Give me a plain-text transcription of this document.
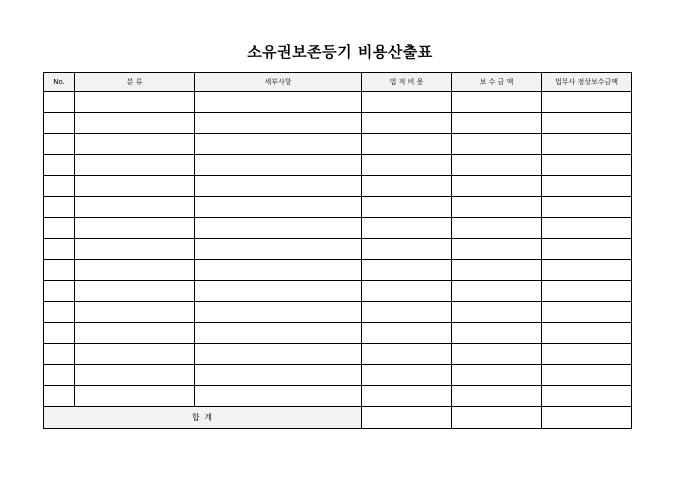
소유권보존등기 비용산출표
No.	분 류	세부사항	법 적 비 용	보 수 금 액	법무사 정상보수금액

합 계					
